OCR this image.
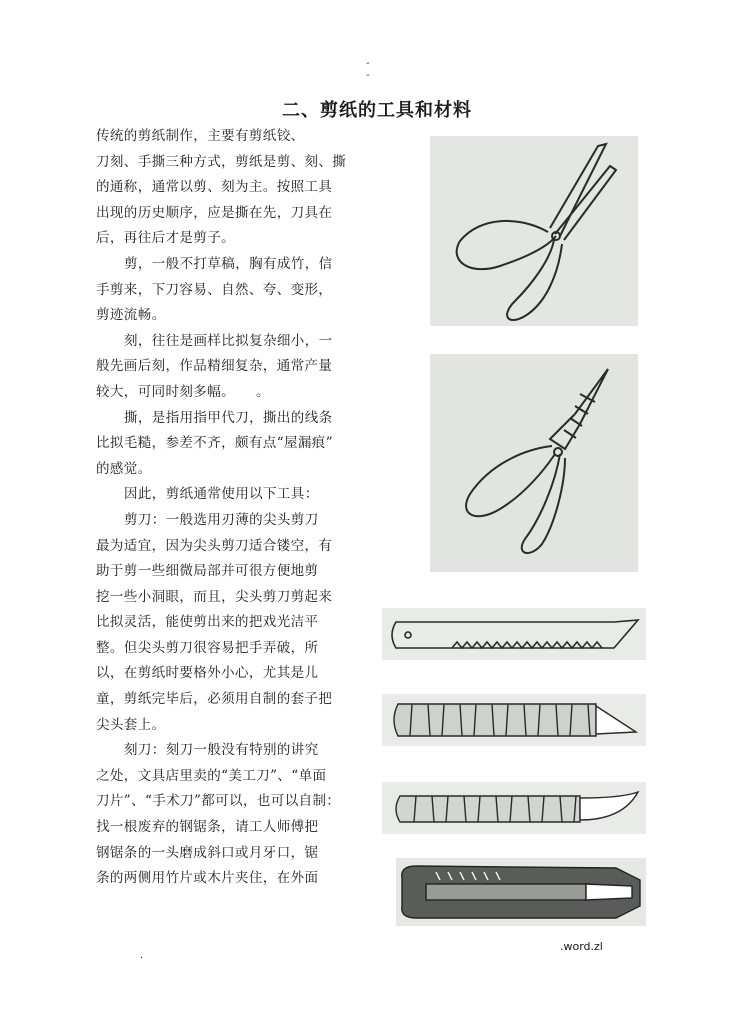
-
-
二、剪纸的工具和材料

传统的剪纸制作，主要有剪纸铰、
刀刻、手撕三种方式，剪纸是剪、刻、撕
的通称，通常以剪、刻为主。按照工具
出现的历史顺序，应是撕在先，刀具在
后，再往后才是剪子。

剪，一般不打草稿，胸有成竹，信
手剪来，下刀容易、自然、夸、变形，
剪迹流畅。

刻，往往是画样比拟复杂细小，一
般先画后刻，作品精细复杂，通常产量
较大，可同时刻多幅。　　。

撕，是指用指甲代刀，撕出的线条
比拟毛糙，参差不齐，颇有点“屋漏痕”
的感觉。

因此，剪纸通常使用以下工具：

剪刀：一般选用刃薄的尖头剪刀
最为适宜，因为尖头剪刀适合镂空，有
助于剪一些细微局部并可很方便地剪
挖一些小洞眼，而且，尖头剪刀剪起来
比拟灵活，能使剪出来的把戏光洁平
整。但尖头剪刀很容易把手弄破，所
以，在剪纸时要格外小心，尤其是儿
童，剪纸完毕后，必须用自制的套子把
尖头套上。

刻刀：刻刀一般没有特别的讲究
之处，文具店里卖的“美工刀”、“单面
刀片”、“手术刀”都可以，也可以自制：
找一根废弃的钢锯条，请工人师傅把
钢锯条的一头磨成斜口或月牙口，锯
条的两侧用竹片或木片夹住，在外面

.
.word.zl
